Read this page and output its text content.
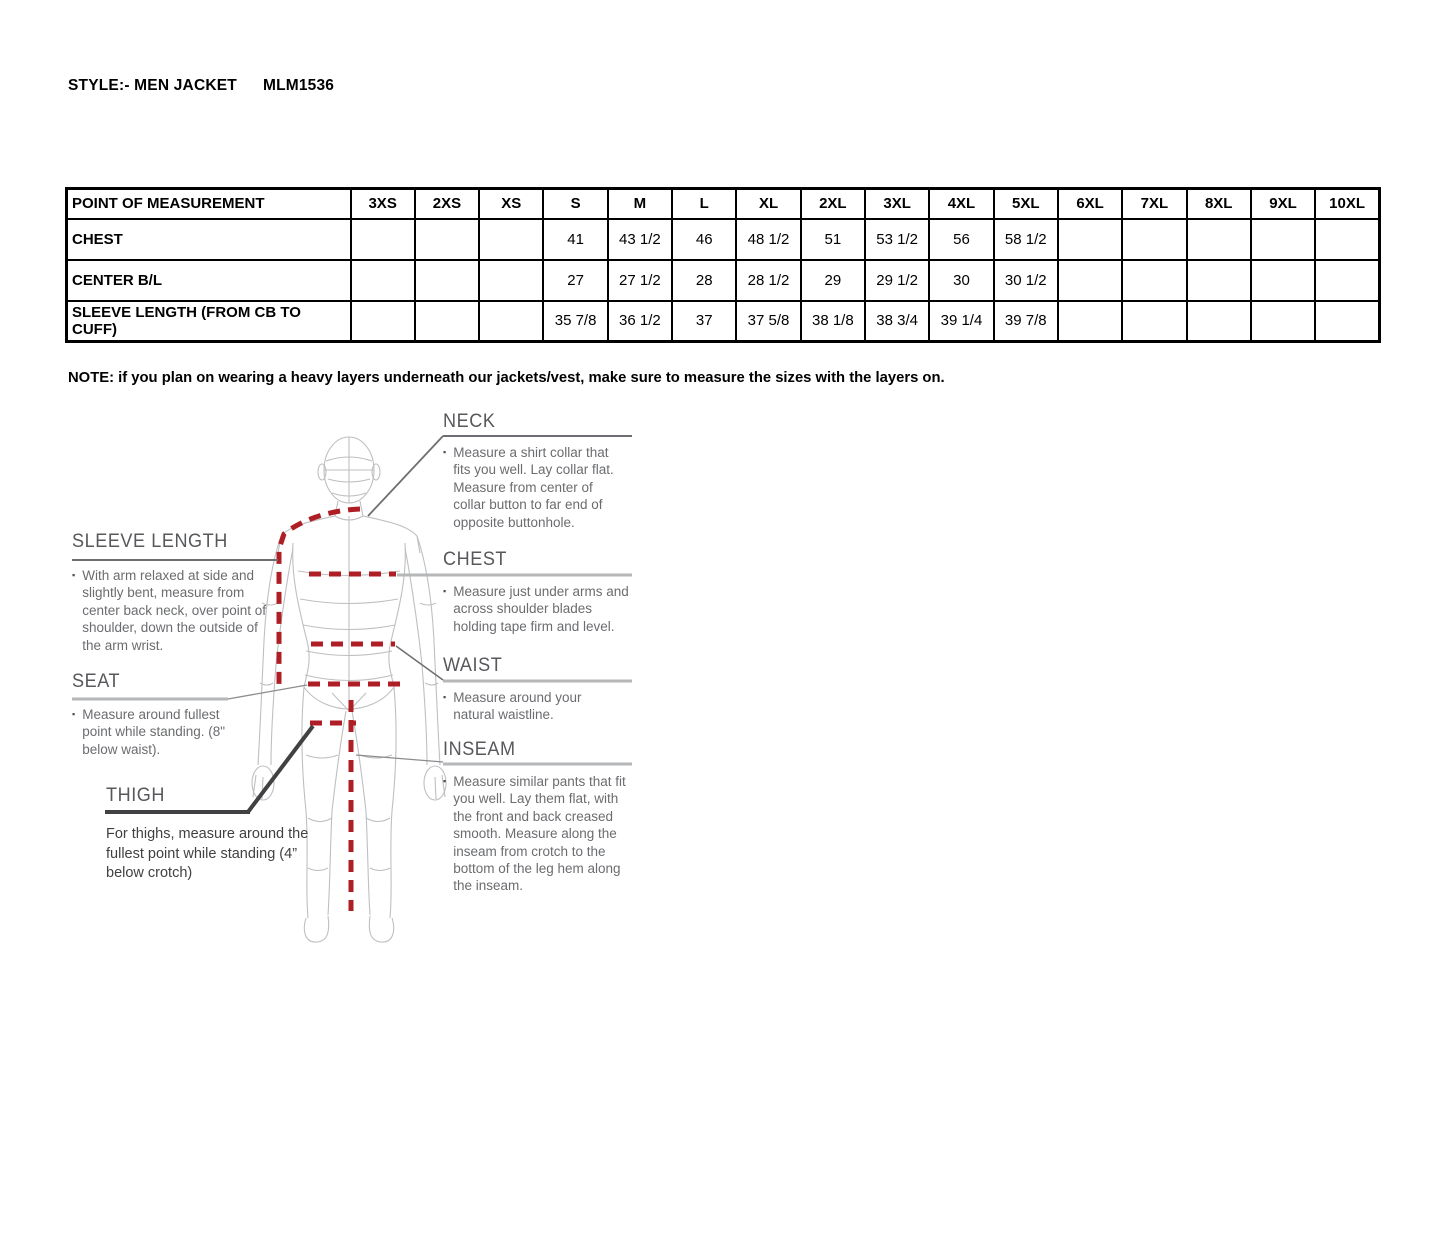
STYLE:- MEN JACKET MLM1536
POINT OF MEASUREMENT	3XS	2XS	XS	S	M	L	XL	2XL	3XL	4XL	5XL	6XL	7XL	8XL	9XL	10XL
CHEST				41	43 1/2	46	48 1/2	51	53 1/2	56	58 1/2					
CENTER B/L				27	27 1/2	28	28 1/2	29	29 1/2	30	30 1/2					
SLEEVE LENGTH (FROM CB TO CUFF)				35 7/8	36 1/2	37	37 5/8	38 1/8	38 3/4	39 1/4	39 7/8					
NOTE: if you plan on wearing a heavy layers underneath our jackets/vest, make sure to measure the sizes with the layers on.
NECK
▪ Measure a shirt collar that fits you well. Lay collar flat. Measure from center of collar button to far end of opposite buttonhole.
CHEST
▪ Measure just under arms and across shoulder blades holding tape firm and level.
WAIST
▪ Measure around your natural waistline.
INSEAM
▪ Measure similar pants that fit you well. Lay them flat, with the front and back creased smooth. Measure along the inseam from crotch to the bottom of the leg hem along the inseam.
SLEEVE LENGTH
▪ With arm relaxed at side and slightly bent, measure from center back neck, over point of shoulder, down the outside of the arm wrist.
SEAT
▪ Measure around fullest point while standing. (8" below waist).
THIGH
For thighs, measure around the fullest point while standing (4” below crotch)
